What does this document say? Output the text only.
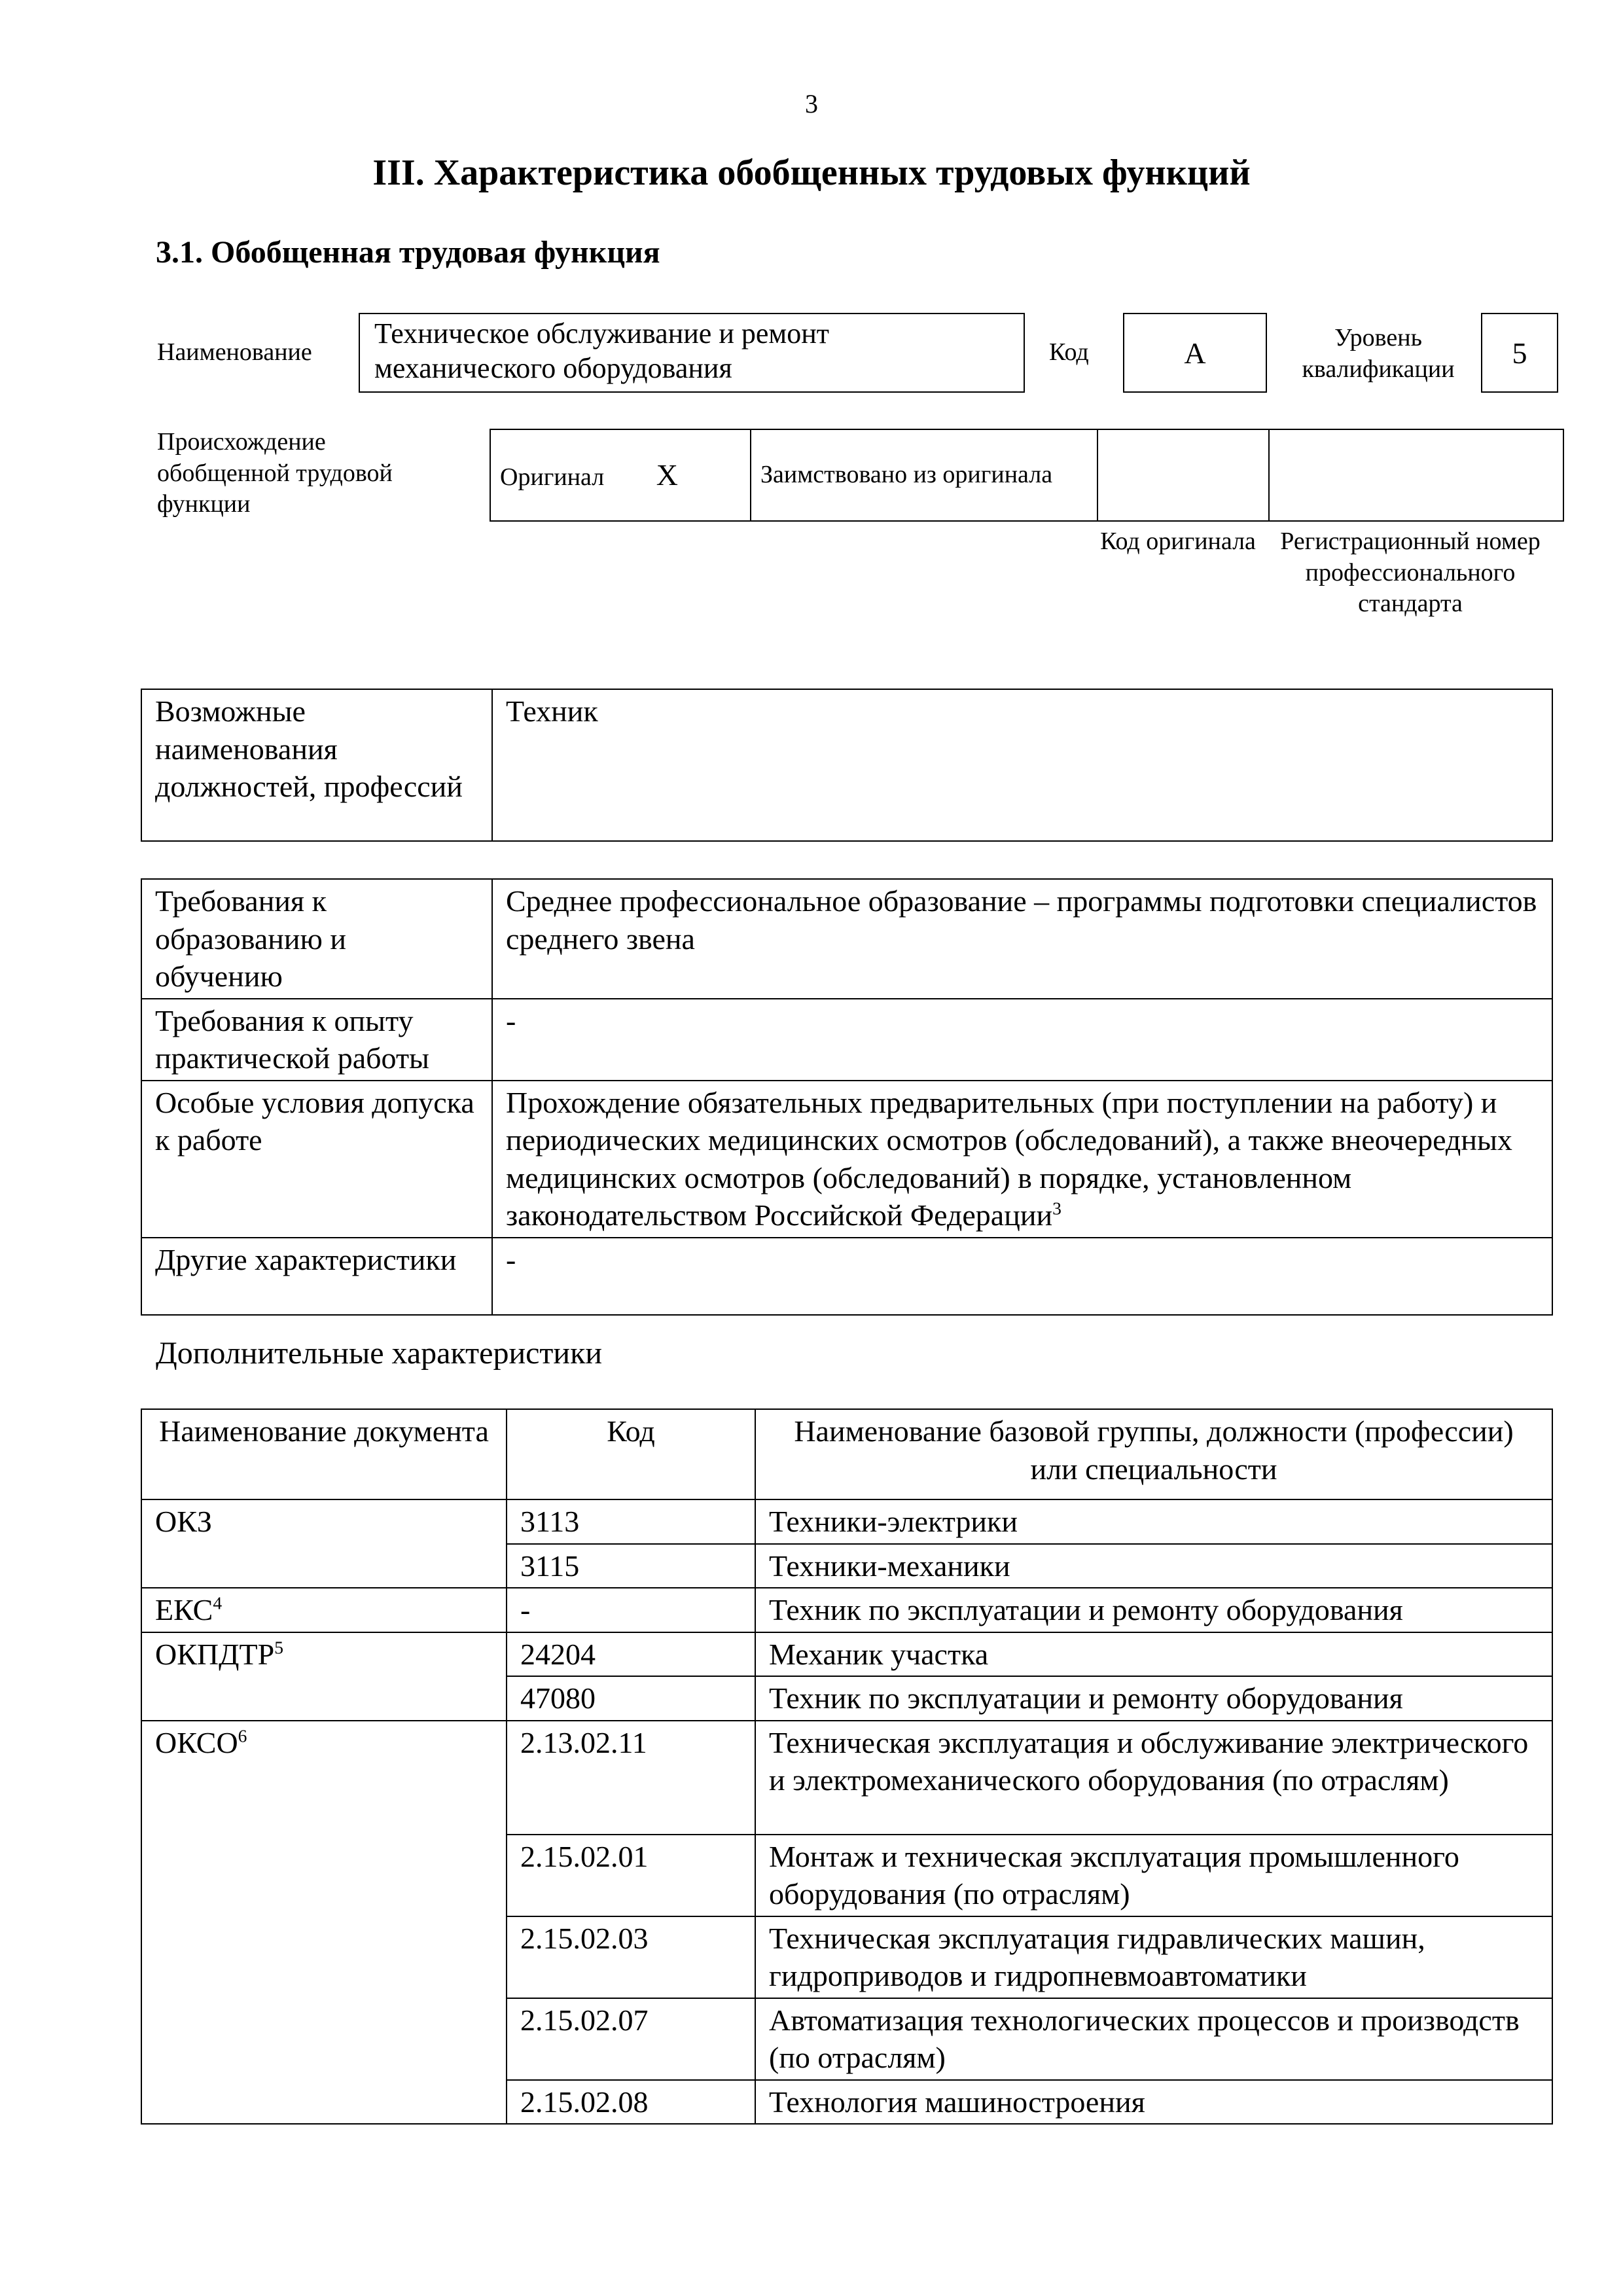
3
III. Характеристика обобщенных трудовых функций
3.1. Обобщенная трудовая функция
Наименование
Техническое обслуживание и ремонт механического оборудования	Код	А	Уровень квалификации	5
Происхождение обобщенной трудовой функции
Оригинал Х	Заимствовано из оригинала		
Код оригинала Регистрационный номер профессионального стандарта
Возможные наименования должностей, профессий	Техник
Требования к образованию и обучению	Среднее профессиональное образование – программы подготовки специалистов среднего звена
Требования к опыту практической работы	-
Особые условия допуска к работе	Прохождение обязательных предварительных (при поступлении на работу) и периодических медицинских осмотров (обследований), а также внеочередных медицинских осмотров (обследований) в порядке, установленном законодательством Российской Федерации$^3$
Другие характеристики	-
Дополнительные характеристики
Наименование документа	Код	Наименование базовой группы, должности (профессии) или специальности
ОКЗ	3113	Техники-электрики
	3115	Техники-механики
ЕКС$^4$	-	Техник по эксплуатации и ремонту оборудования
ОКПДТР$^5$	24204	Механик участка
	47080	Техник по эксплуатации и ремонту оборудования
ОКСО$^6$	2.13.02.11	Техническая эксплуатация и обслуживание электрического и электромеханического оборудования (по отраслям)
	2.15.02.01	Монтаж и техническая эксплуатация промышленного оборудования (по отраслям)
	2.15.02.03	Техническая эксплуатация гидравлических машин, гидроприводов и гидропневмоавтоматики
	2.15.02.07	Автоматизация технологических процессов и производств (по отраслям)
	2.15.02.08	Технология машиностроения
